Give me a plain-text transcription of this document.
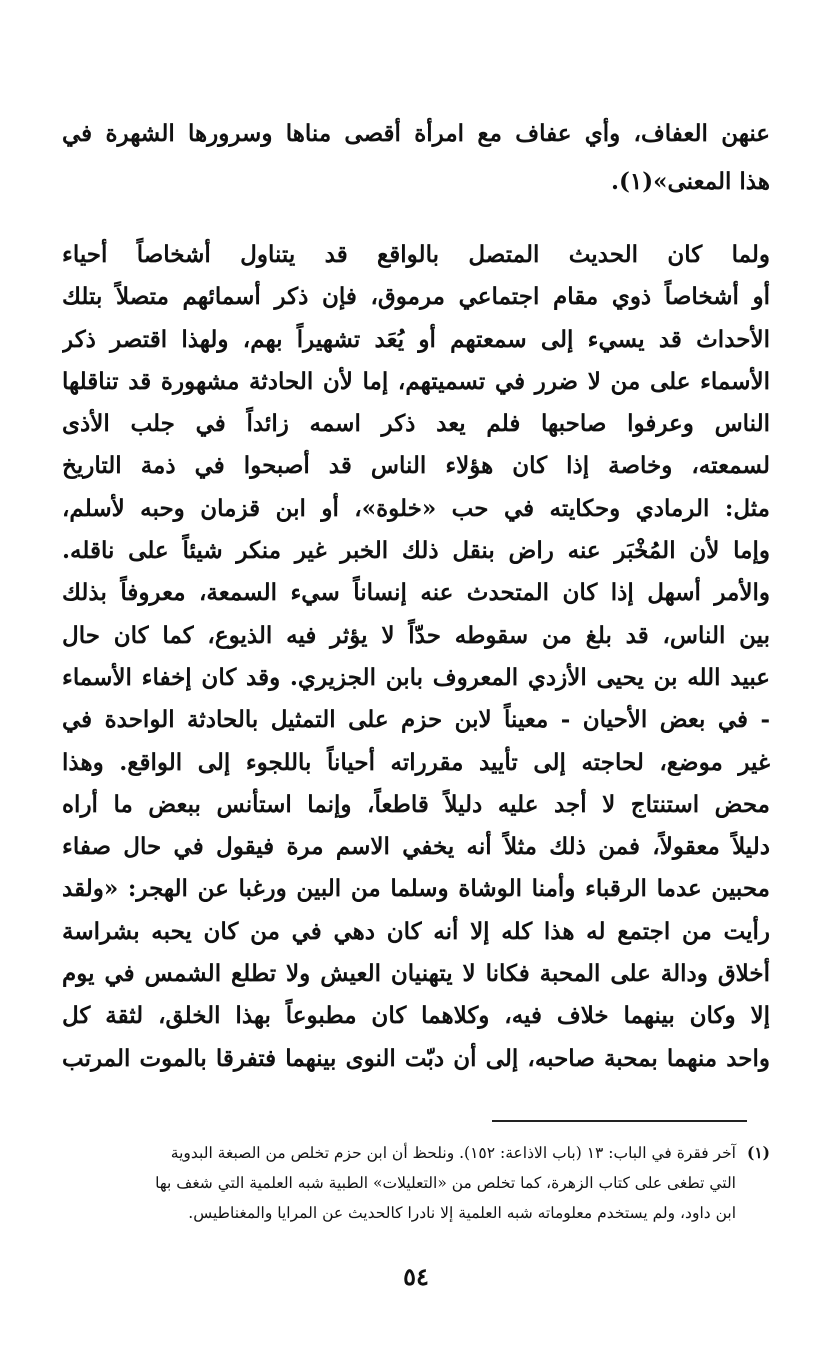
عنهن العفاف، وأي عفاف مع امرأة أقصى مناها وسرورها الشهرة في
هذا المعنى»(١).
ولما كان الحديث المتصل بالواقع قد يتناول أشخاصاً أحياء
أو أشخاصاً ذوي مقام اجتماعي مرموق، فإن ذكر أسمائهم متصلاً بتلك
الأحداث قد يسيء إلى سمعتهم أو يُعَد تشهيراً بهم، ولهذا اقتصر ذكر
الأسماء على من لا ضرر في تسميتهم، إما لأن الحادثة مشهورة قد تناقلها
الناس وعرفوا صاحبها فلم يعد ذكر اسمه زائداً في جلب الأذى
لسمعته، وخاصة إذا كان هؤلاء الناس قد أصبحوا في ذمة التاريخ
مثل: الرمادي وحكايته في حب «خلوة»، أو ابن قزمان وحبه لأسلم،
وإما لأن المُخْبَر عنه راض بنقل ذلك الخبر غير منكر شيئاً على ناقله.
والأمر أسهل إذا كان المتحدث عنه إنساناً سيء السمعة، معروفاً بذلك
بين الناس، قد بلغ من سقوطه حدّاً لا يؤثر فيه الذيوع، كما كان حال
عبيد الله بن يحيى الأزدي المعروف بابن الجزيري. وقد كان إخفاء الأسماء
- في بعض الأحيان - معيناً لابن حزم على التمثيل بالحادثة الواحدة في
غير موضع، لحاجته إلى تأييد مقرراته أحياناً باللجوء إلى الواقع. وهذا
محض استنتاج لا أجد عليه دليلاً قاطعاً، وإنما استأنس ببعض ما أراه
دليلاً معقولاً، فمن ذلك مثلاً أنه يخفي الاسم مرة فيقول في حال صفاء
محبين عدما الرقباء وأمنا الوشاة وسلما من البين ورغبا عن الهجر: «ولقد
رأيت من اجتمع له هذا كله إلا أنه كان دهي في من كان يحبه بشراسة
أخلاق ودالة على المحبة فكانا لا يتهنيان العيش ولا تطلع الشمس في يوم
إلا وكان بينهما خلاف فيه، وكلاهما كان مطبوعاً بهذا الخلق، لثقة كل
واحد منهما بمحبة صاحبه، إلى أن دبّت النوى بينهما فتفرقا بالموت المرتب
(١)آخر فقرة في الباب: ١٣ (باب الاذاعة: ١٥٢). ونلحظ أن ابن حزم تخلص من الصبغة البدوية
التي تطغى على كتاب الزهرة، كما تخلص من «التعليلات» الطبية شبه العلمية التي شغف بها
ابن داود، ولم يستخدم معلوماته شبه العلمية إلا نادرا كالحديث عن المرايا والمغناطيس.
٥٤
